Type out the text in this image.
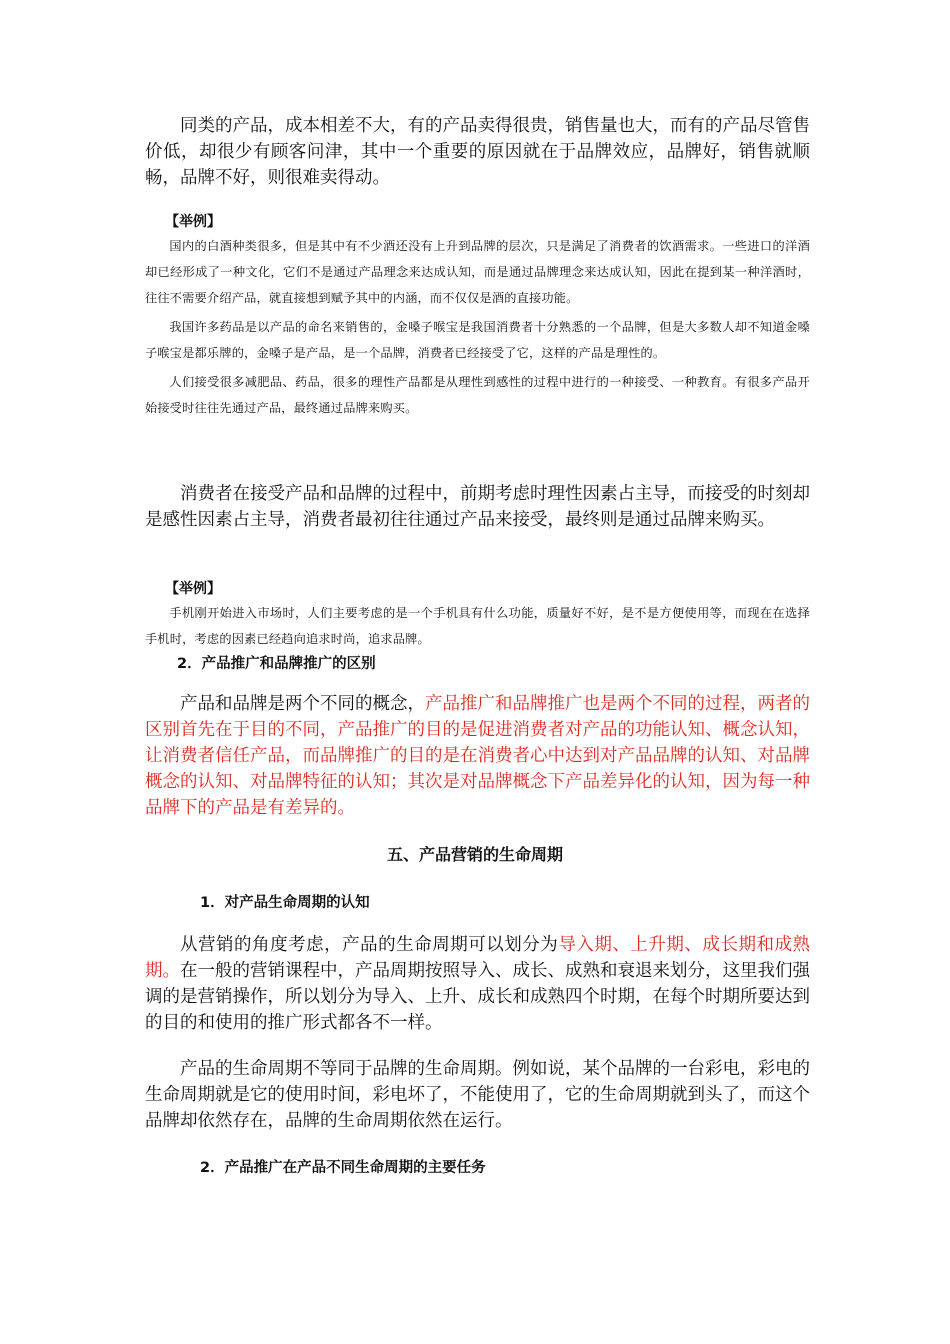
同类的产品，成本相差不大，有的产品卖得很贵，销售量也大，而有的产品尽管售价低，却很少有顾客问津，其中一个重要的原因就在于品牌效应，品牌好，销售就顺畅，品牌不好，则很难卖得动。

【举例】

国内的白酒种类很多，但是其中有不少酒还没有上升到品牌的层次，只是满足了消费者的饮酒需求。一些进口的洋酒却已经形成了一种文化，它们不是通过产品理念来达成认知，而是通过品牌理念来达成认知，因此在提到某一种洋酒时，往往不需要介绍产品，就直接想到赋予其中的内涵，而不仅仅是酒的直接功能。

我国许多药品是以产品的命名来销售的，金嗓子喉宝是我国消费者十分熟悉的一个品牌，但是大多数人却不知道金嗓子喉宝是都乐牌的，金嗓子是产品，是一个品牌，消费者已经接受了它，这样的产品是理性的。

人们接受很多减肥品、药品，很多的理性产品都是从理性到感性的过程中进行的一种接受、一种教育。有很多产品开始接受时往往先通过产品，最终通过品牌来购买。

消费者在接受产品和品牌的过程中，前期考虑时理性因素占主导，而接受的时刻却是感性因素占主导，消费者最初往往通过产品来接受，最终则是通过品牌来购买。

【举例】

手机刚开始进入市场时，人们主要考虑的是一个手机具有什么功能，质量好不好，是不是方便使用等，而现在在选择手机时，考虑的因素已经趋向追求时尚，追求品牌。

2．产品推广和品牌推广的区别

产品和品牌是两个不同的概念，产品推广和品牌推广也是两个不同的过程，两者的区别首先在于目的不同，产品推广的目的是促进消费者对产品的功能认知、概念认知，让消费者信任产品，而品牌推广的目的是在消费者心中达到对产品品牌的认知、对品牌概念的认知、对品牌特征的认知；其次是对品牌概念下产品差异化的认知，因为每一种品牌下的产品是有差异的。

五、产品营销的生命周期

1．对产品生命周期的认知

从营销的角度考虑，产品的生命周期可以划分为导入期、上升期、成长期和成熟期。在一般的营销课程中，产品周期按照导入、成长、成熟和衰退来划分，这里我们强调的是营销操作，所以划分为导入、上升、成长和成熟四个时期，在每个时期所要达到的目的和使用的推广形式都各不一样。

产品的生命周期不等同于品牌的生命周期。例如说，某个品牌的一台彩电，彩电的生命周期就是它的使用时间，彩电坏了，不能使用了，它的生命周期就到头了，而这个品牌却依然存在，品牌的生命周期依然在运行。

2．产品推广在产品不同生命周期的主要任务
